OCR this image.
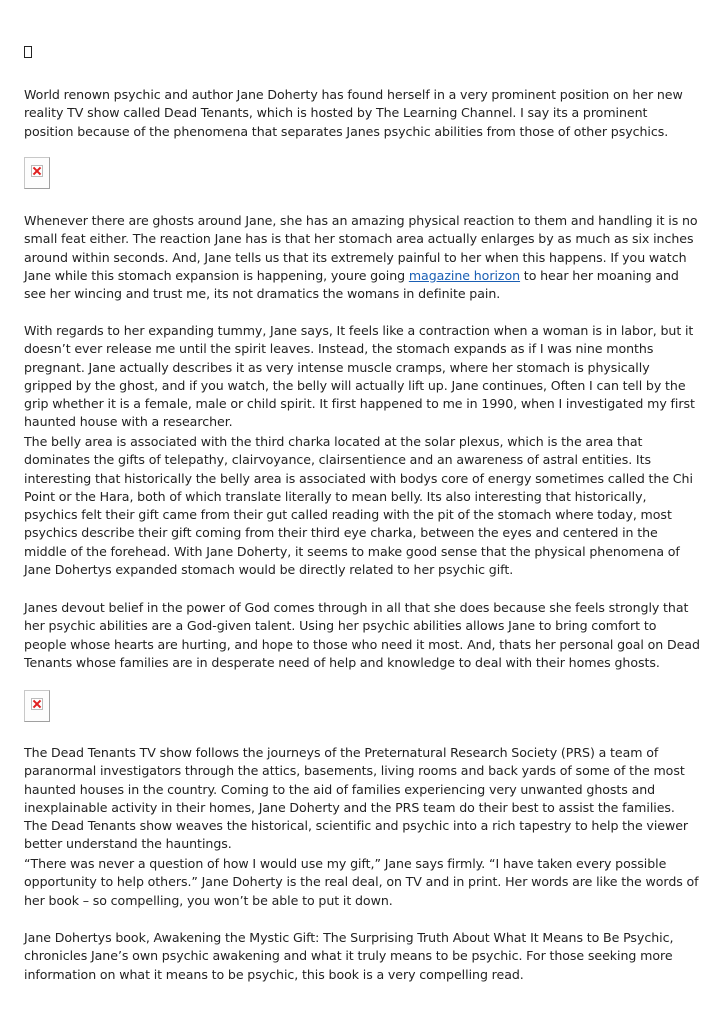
World renown psychic and author Jane Doherty has found herself in a very prominent position on her new reality TV show called Dead Tenants, which is hosted by The Learning Channel. I say its a prominent position because of the phenomena that separates Janes psychic abilities from those of other psychics.

Whenever there are ghosts around Jane, she has an amazing physical reaction to them and handling it is no small feat either. The reaction Jane has is that her stomach area actually enlarges by as much as six inches around within seconds. And, Jane tells us that its extremely painful to her when this happens. If you watch Jane while this stomach expansion is happening, youre going magazine horizon to hear her moaning and see her wincing and trust me, its not dramatics the womans in definite pain.

With regards to her expanding tummy, Jane says, It feels like a contraction when a woman is in labor, but it doesn’t ever release me until the spirit leaves. Instead, the stomach expands as if I was nine months pregnant. Jane actually describes it as very intense muscle cramps, where her stomach is physically gripped by the ghost, and if you watch, the belly will actually lift up. Jane continues, Often I can tell by the grip whether it is a female, male or child spirit. It first happened to me in 1990, when I investigated my first haunted house with a researcher.

The belly area is associated with the third charka located at the solar plexus, which is the area that dominates the gifts of telepathy, clairvoyance, clairsentience and an awareness of astral entities. Its interesting that historically the belly area is associated with bodys core of energy sometimes called the Chi Point or the Hara, both of which translate literally to mean belly. Its also interesting that historically, psychics felt their gift came from their gut called reading with the pit of the stomach where today, most psychics describe their gift coming from their third eye charka, between the eyes and centered in the middle of the forehead. With Jane Doherty, it seems to make good sense that the physical phenomena of Jane Dohertys expanded stomach would be directly related to her psychic gift.

Janes devout belief in the power of God comes through in all that she does because she feels strongly that her psychic abilities are a God-given talent. Using her psychic abilities allows Jane to bring comfort to people whose hearts are hurting, and hope to those who need it most. And, thats her personal goal on Dead Tenants whose families are in desperate need of help and knowledge to deal with their homes ghosts.

The Dead Tenants TV show follows the journeys of the Preternatural Research Society (PRS) a team of paranormal investigators through the attics, basements, living rooms and back yards of some of the most haunted houses in the country. Coming to the aid of families experiencing very unwanted ghosts and inexplainable activity in their homes, Jane Doherty and the PRS team do their best to assist the families. The Dead Tenants show weaves the historical, scientific and psychic into a rich tapestry to help the viewer better understand the hauntings.

“There was never a question of how I would use my gift,” Jane says firmly. “I have taken every possible opportunity to help others.” Jane Doherty is the real deal, on TV and in print. Her words are like the words of her book – so compelling, you won’t be able to put it down.

Jane Dohertys book, Awakening the Mystic Gift: The Surprising Truth About What It Means to Be Psychic, chronicles Jane’s own psychic awakening and what it truly means to be psychic. For those seeking more information on what it means to be psychic, this book is a very compelling read.
